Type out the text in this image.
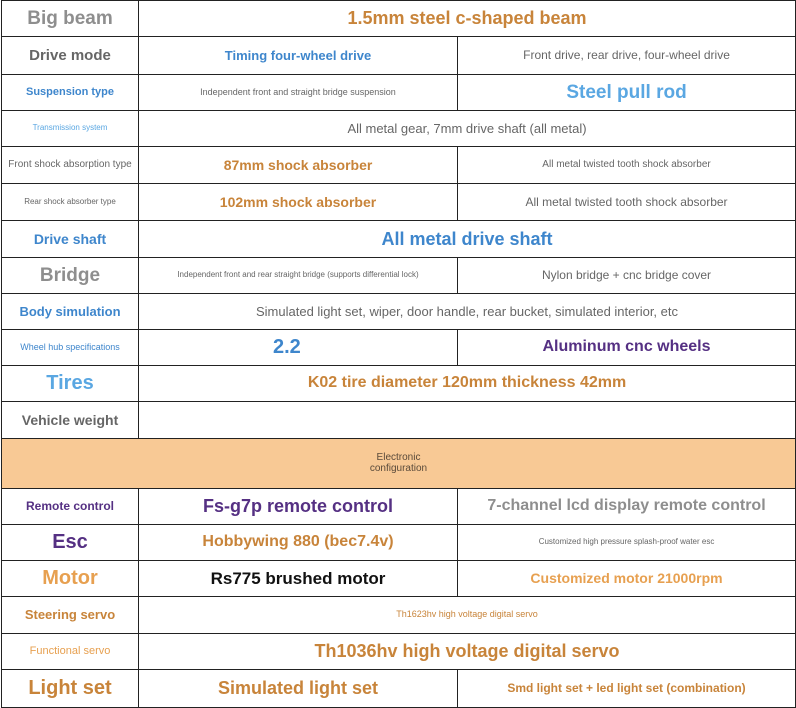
Big beam	1.5mm steel c-shaped beam	
Drive mode	Timing four-wheel drive	Front drive, rear drive, four-wheel drive
Suspension type	Independent front and straight bridge suspension	Steel pull rod
Transmission system	All metal gear, 7mm drive shaft (all metal)	
Front shock absorption type	87mm shock absorber	All metal twisted tooth shock absorber
Rear shock absorber type	102mm shock absorber	All metal twisted tooth shock absorber
Drive shaft	All metal drive shaft	
Bridge	Independent front and rear straight bridge (supports differential lock)	Nylon bridge + cnc bridge cover
Body simulation	Simulated light set, wiper, door handle, rear bucket, simulated interior, etc	
Wheel hub specifications	2.2	Aluminum cnc wheels
Tires	K02 tire diameter 120mm thickness 42mm	
Vehicle weight		

Electronic configuration		

Remote control	Fs-g7p remote control	7-channel lcd display remote control
Esc	Hobbywing 880 (bec7.4v)	Customized high pressure splash-proof water esc
Motor	Rs775 brushed motor	Customized motor 21000rpm
Steering servo	Th1623hv high voltage digital servo	
Functional servo	Th1036hv high voltage digital servo	
Light set	Simulated light set	Smd light set + led light set (combination)
